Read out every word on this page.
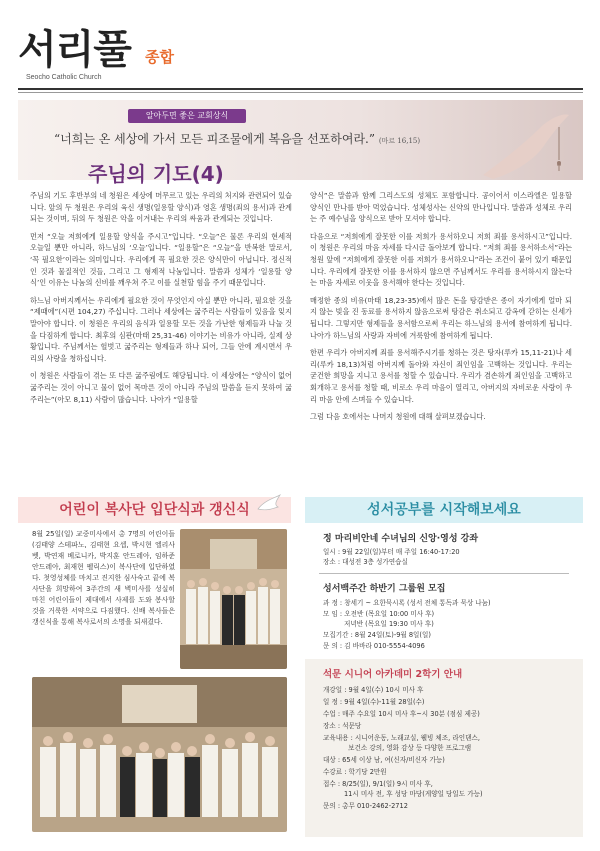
서리풀
Seocho Catholic Church
종합
알아두면 좋은 교회상식
“너희는 온 세상에 가서 모든 피조물에게 복음을 선포하여라.” (마르 16,15)
주님의 기도(4)

주님의 기도 후반부의 네 청원은 세상에 머무르고 있는 우리의 처지와 관련되어 있습니다. 앞의 두 청원은 우리의 육신 생명(일용할 양식)과 영혼 생명(죄의 용서)과 관계되는 것이며, 뒤의 두 청원은 악을 이겨내는 우리의 싸움과 관계되는 것입니다.

먼저 “오늘 저희에게 일용할 양식을 주시고”입니다. “오늘”은 물론 우리의 현세적 오늘일 뿐만 아니라, 하느님의 ‘오늘’입니다. “일용할”은 “오늘”을 반복한 말로서, ‘꼭 필요한’이라는 의미입니다. 우리에게 꼭 필요한 것은 양식만이 아닙니다. 정신적인 것과 물질적인 것들, 그리고 그 형제적 나눔입니다. 말씀과 성체가 ‘일용할 양식’인 이유는 나눔의 신비를 깨우쳐 주고 이를 실천할 힘을 주기 때문입니다.

하느님 아버지께서는 우리에게 필요한 것이 무엇인지 아실 뿐만 아니라, 필요한 것을 “제때에”(시편 104,27) 주십니다. 그러나 세상에는 굶주리는 사람들이 있음을 잊지 말아야 합니다. 이 청원은 우리의 음식과 일용할 모든 것을 가난한 형제들과 나눌 것을 다짐하게 합니다. 최후의 심판(마태 25,31-46) 이야기는 비유가 아니라, 실제 상황입니다. 주님께서는 헐벗고 굶주리는 형제들과 하나 되어, 그들 안에 계시면서 우리의 사랑을 청하십니다.

이 청원은 사람들이 겪는 또 다른 굶주림에도 해당됩니다. 이 세상에는 “양식이 없어 굶주리는 것이 아니고 물이 없어 목마른 것이 아니라 주님의 말씀을 듣지 못하여 굶주리는”(아모 8,11) 사람이 많습니다. 나아가 “일용할

양식”은 말씀과 함께 그리스도의 성체도 포함합니다. 공이어서 이스라엘은 일용할 양식인 만나를 받아 먹었습니다. 성체성사는 신약의 만나입니다. 말씀과 성체로 우리는 주 예수님을 양식으로 받아 모셔야 합니다.

다음으로 “저희에게 잘못한 이를 저희가 용서하오니 저희 죄를 용서하시고”입니다. 이 청원은 우리의 마음 자세를 다시금 돌아보게 합니다. “저희 죄를 용서하소서”라는 청원 앞에 “저희에게 잘못한 이를 저희가 용서하오니”라는 조건이 붙어 있기 때문입니다. 우리에게 잘못한 이를 용서하지 않으면 주님께서도 우리를 용서하시지 않는다는 마음 자세로 이웃을 용서해야 한다는 것입니다.

매정한 종의 비유(마태 18,23-35)에서 많은 돈을 탕감받은 종이 자기에게 얼마 되지 않는 빚을 진 동료를 용서하지 않음으로써 탕감은 취소되고 감옥에 갇히는 신세가 됩니다. 그렇지만 형제들을 용서함으로써 우리는 하느님의 용서에 참여하게 됩니다. 나아가 하느님의 사랑과 자비에 겨룩함에 참여하게 됩니다.

한편 우리가 아버지께 죄를 용서해주시기를 청하는 것은 탕자(루카 15,11-21)나 세리(루카 18,13)처럼 아버지께 돌아와 자신이 죄인임을 고백하는 것입니다. 우리는 굳건한 희망을 지니고 용서를 청할 수 있습니다. 우리가 겸손하게 죄인임을 고백하고 회개하고 용서를 청할 때, 비로소 우리 마음이 열리고, 아버지의 자비로운 사랑이 우리 마음 안에 스며들 수 있습니다.

그럼 다음 호에서는 나머지 청원에 대해 살펴보겠습니다.

어린이 복사단 입단식과 갱신식
8월 25일(일) 교중미사에서 총 7명의 어린이들(김태양 스테파노, 김태현 요셉, 박시현 엘리사벳, 박연재 베로니카, 박지훈 안드레아, 임하준 안드레아, 최재현 펠릭스)이 복사단에 입단하였다. 첫영성체를 마치고 진지한 심사숙고 끝에 복사단을 희망하여 3주간의 새 벽미사를 성실히 마친 어린이들이 제대에서 사제를 도와 봉사할 것을 거룩한 서약으로 다짐했다. 신배 복사들은 갱신식을 통해 복사로서의 소명을 되새겼다.
성서공부를 시작해보세요
정 마리비안네 수녀님의 신앙·영성 강좌
일시 : 9월 22일(일)부터 매 주일 16:40-17:20
장소 : 대성전 3층 성가연습실
성서백주간 하반기 그룹원 모집
과 정 : 창세기 ~ 요한묵시록 (성서 전체 통독과 묵상 나눔)
모 임 : 오전반 (목요일 10:00 미사 후)
저녁반 (목요일 19:30 미사 후)
모집기간 : 8월 24일(토)-9월 8일(일)
문 의 : 김 바바라 010-5554-4096
석문 시니어 아카데미 2학기 안내
개강일 : 9월 4일(수) 10시 미사 후
일 정 : 9월 4일(수)-11월 28일(수)
수업 : 매주 수요일 10시 미사 후~시 30분 (점심 제공)
장소 : 석문당
교육내용 : 시니어운동, 노래교실, 웰빙 체조, 라인댄스,
보건소 강의, 영화 감상 등 다양한 프로그램
대상 : 65세 이상 남, 여(신자/비신자 가능)
수강료 : 학기당 2만원
접수 : 8/25(일), 9/1(일) 9시 미사 후,
11시 미사 전, 후 성당 마당(게양일 당일도 가능)
문의 : 총무 010-2462-2712
